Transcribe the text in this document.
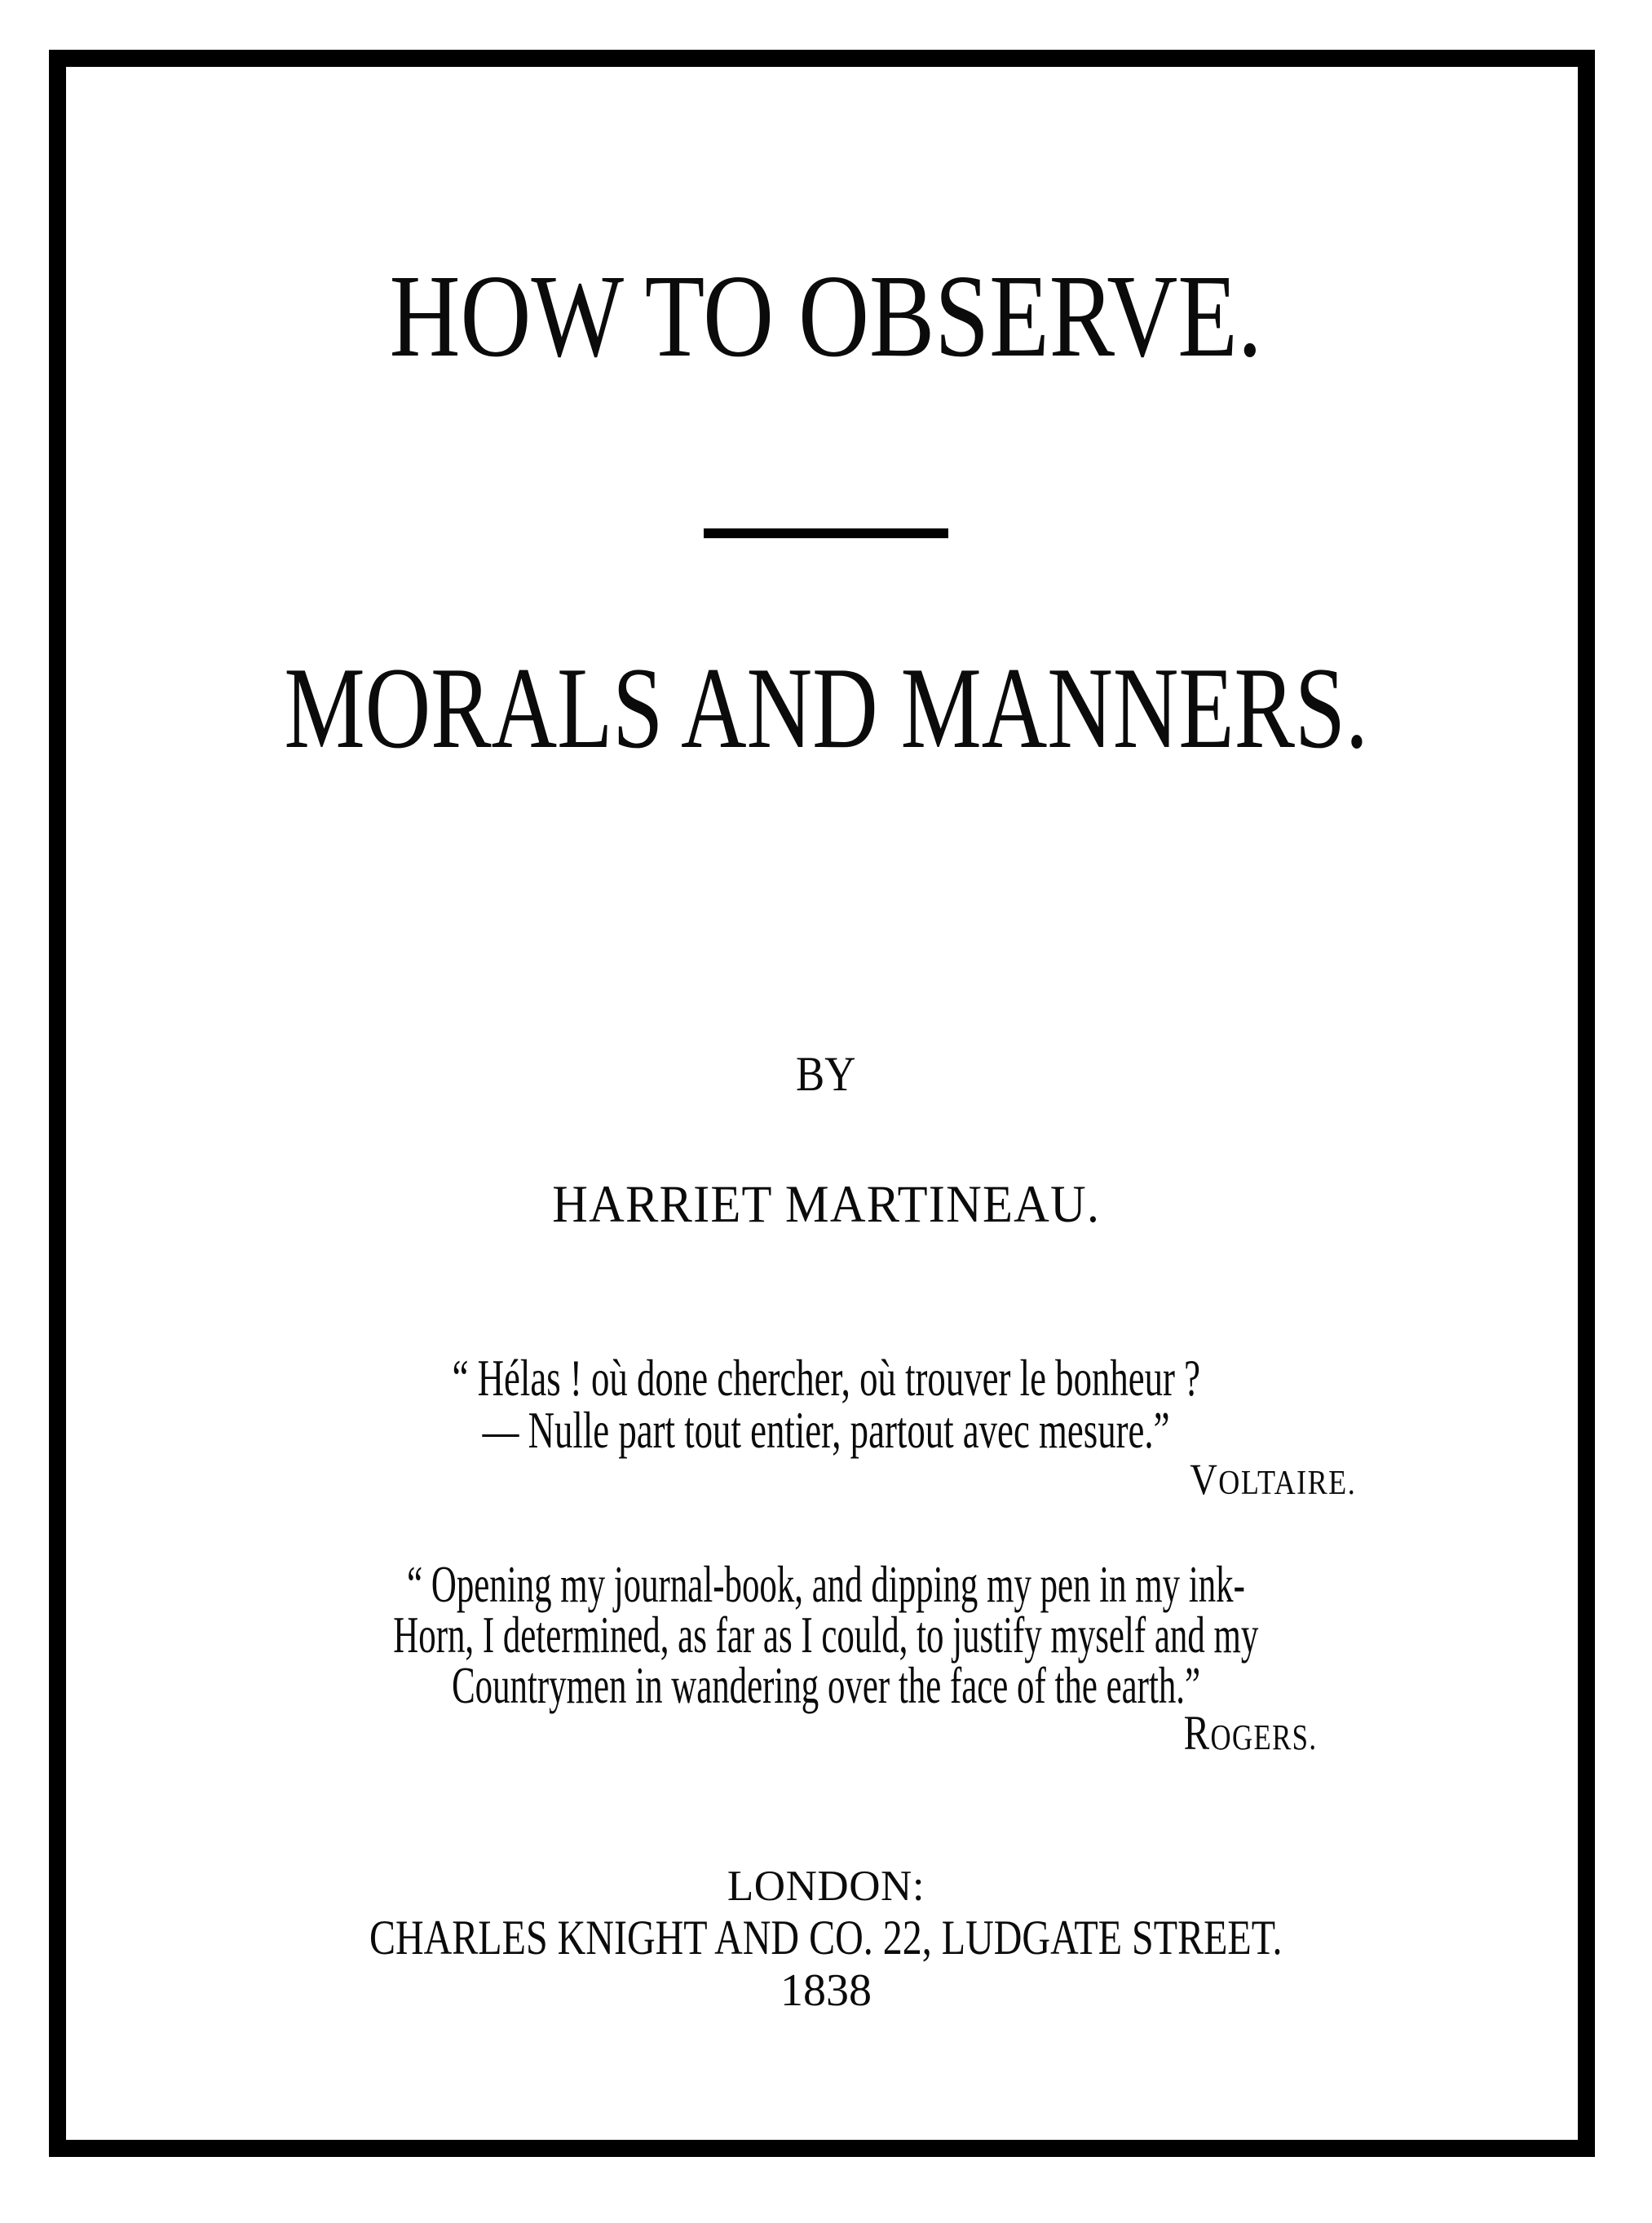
HOW TO OBSERVE.
MORALS AND MANNERS.
BY
HARRIET MARTINEAU.
“ Hélas ! où done chercher, où trouver le bonheur ?
— Nulle part tout entier, partout avec mesure.”
VOLTAIRE.
“ Opening my journal-book, and dipping my pen in my ink-
Horn, I determined, as far as I could, to justify myself and my
Countrymen in wandering over the face of the earth.”
ROGERS.
LONDON:
CHARLES KNIGHT AND CO. 22, LUDGATE STREET.
1838
